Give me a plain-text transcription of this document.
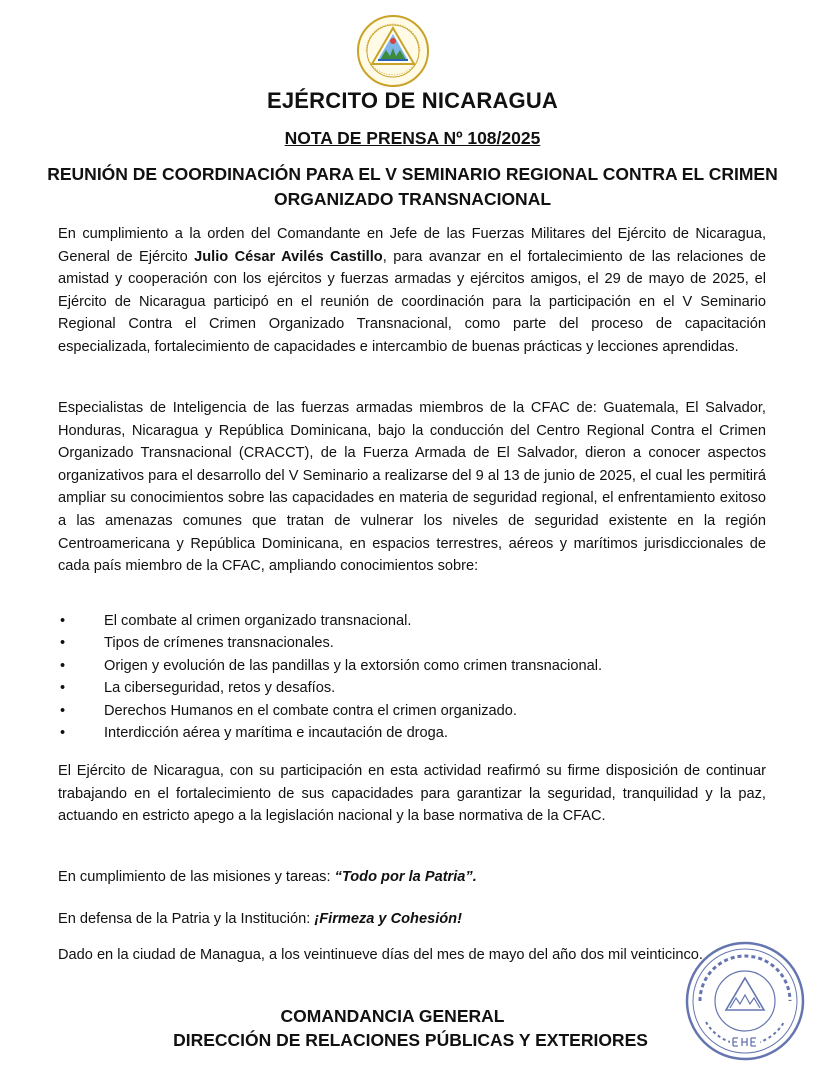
EJÉRCITO DE NICARAGUA
NOTA DE PRENSA Nº 108/2025
REUNIÓN DE COORDINACIÓN PARA EL V SEMINARIO REGIONAL CONTRA EL CRIMEN ORGANIZADO TRANSNACIONAL

En cumplimiento a la orden del Comandante en Jefe de las Fuerzas Militares del Ejército de Nicaragua, General de Ejército Julio César Avilés Castillo, para avanzar en el fortalecimiento de las relaciones de amistad y cooperación con los ejércitos y fuerzas armadas y ejércitos amigos, el 29 de mayo de 2025, el Ejército de Nicaragua participó en el reunión de coordinación para la participación en el V Seminario Regional Contra el Crimen Organizado Transnacional, como parte del proceso de capacitación especializada, fortalecimiento de capacidades e intercambio de buenas prácticas y lecciones aprendidas.

Especialistas de Inteligencia de las fuerzas armadas miembros de la CFAC de: Guatemala, El Salvador, Honduras, Nicaragua y República Dominicana, bajo la conducción del Centro Regional Contra el Crimen Organizado Transnacional (CRACCT), de la Fuerza Armada de El Salvador, dieron a conocer aspectos organizativos para el desarrollo del V Seminario a realizarse del 9 al 13 de junio de 2025, el cual les permitirá ampliar su conocimientos sobre las capacidades en materia de seguridad regional, el enfrentamiento exitoso a las amenazas comunes que tratan de vulnerar los niveles de seguridad existente en la región Centroamericana y República Dominicana, en espacios terrestres, aéreos y marítimos jurisdiccionales de cada país miembro de la CFAC, ampliando conocimientos sobre:

• El combate al crimen organizado transnacional.
• Tipos de crímenes transnacionales.
• Origen y evolución de las pandillas y la extorsión como crimen transnacional.
• La ciberseguridad, retos y desafíos.
• Derechos Humanos en el combate contra el crimen organizado.
• Interdicción aérea y marítima e incautación de droga.

El Ejército de Nicaragua, con su participación en esta actividad reafirmó su firme disposición de continuar trabajando en el fortalecimiento de sus capacidades para garantizar la seguridad, tranquilidad y la paz, actuando en estricto apego a la legislación nacional y la base normativa de la CFAC.

En cumplimiento de las misiones y tareas: “Todo por la Patria”.

En defensa de la Patria y la Institución: ¡Firmeza y Cohesión!

Dado en la ciudad de Managua, a los veintinueve días del mes de mayo del año dos mil veinticinco.

COMANDANCIA GENERAL
DIRECCIÓN DE RELACIONES PÚBLICAS Y EXTERIORES
